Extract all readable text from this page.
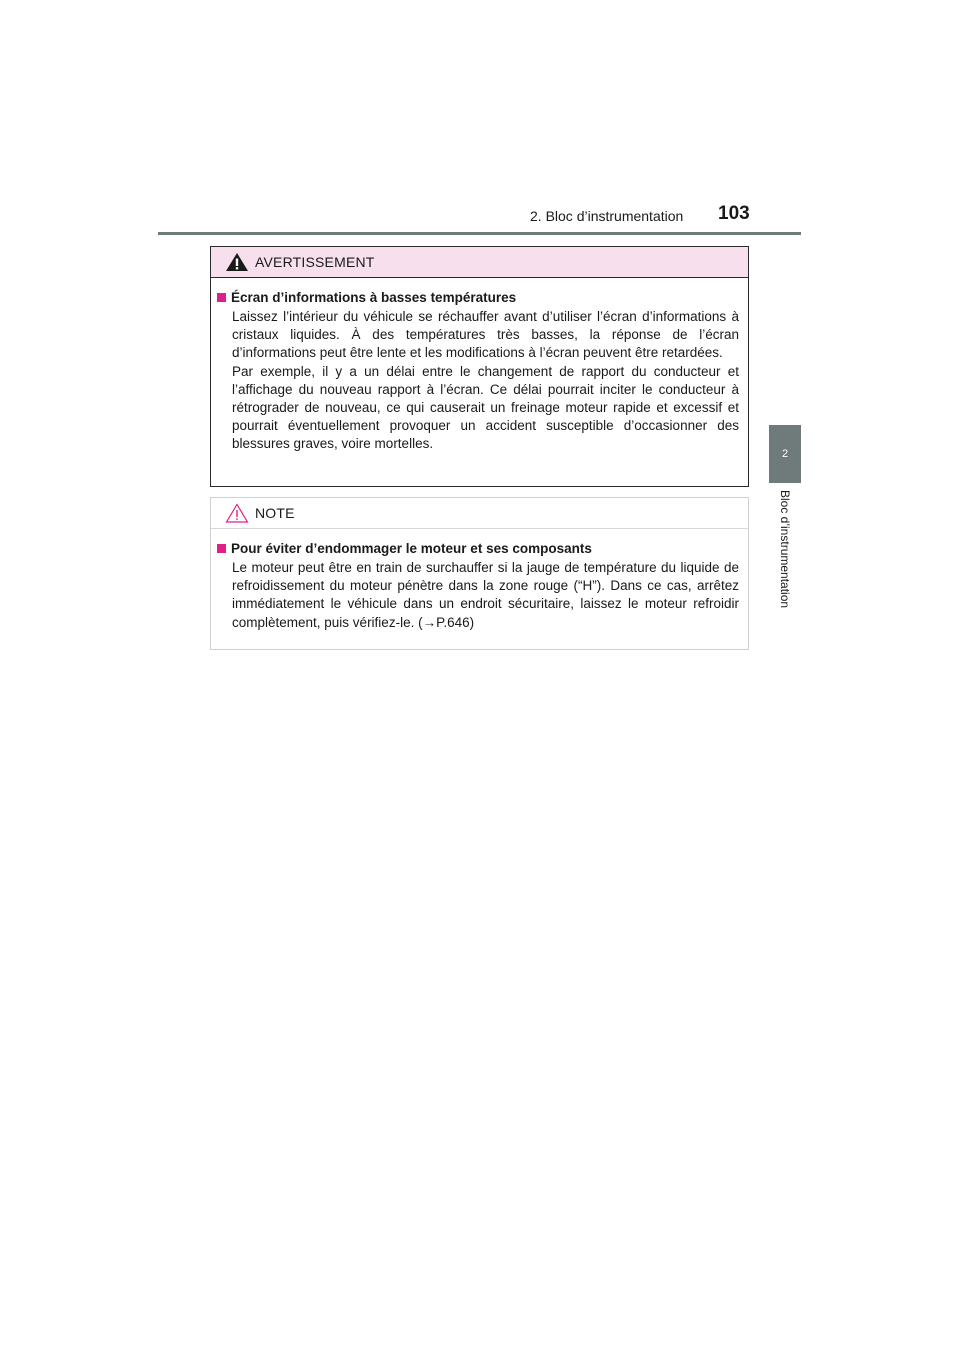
2. Bloc d’instrumentation	103
2
Bloc d’instrumentation
AVERTISSEMENT
Écran d’informations à basses températures

Laissez l’intérieur du véhicule se réchauffer avant d’utiliser l’écran d’informations à cristaux liquides. À des températures très basses, la réponse de l’écran d’informations peut être lente et les modifications à l’écran peuvent être retardées.

Par exemple, il y a un délai entre le changement de rapport du conducteur et l’affichage du nouveau rapport à l’écran. Ce délai pourrait inciter le conducteur à rétrograder de nouveau, ce qui causerait un freinage moteur rapide et excessif et pourrait éventuellement provoquer un accident susceptible d’occasionner des blessures graves, voire mortelles.

NOTE
Pour éviter d’endommager le moteur et ses composants

Le moteur peut être en train de surchauffer si la jauge de température du liquide de refroidissement du moteur pénètre dans la zone rouge (“H”). Dans ce cas, arrêtez immédiatement le véhicule dans un endroit sécuritaire, laissez le moteur refroidir complètement, puis vérifiez-le. (→P.646)
